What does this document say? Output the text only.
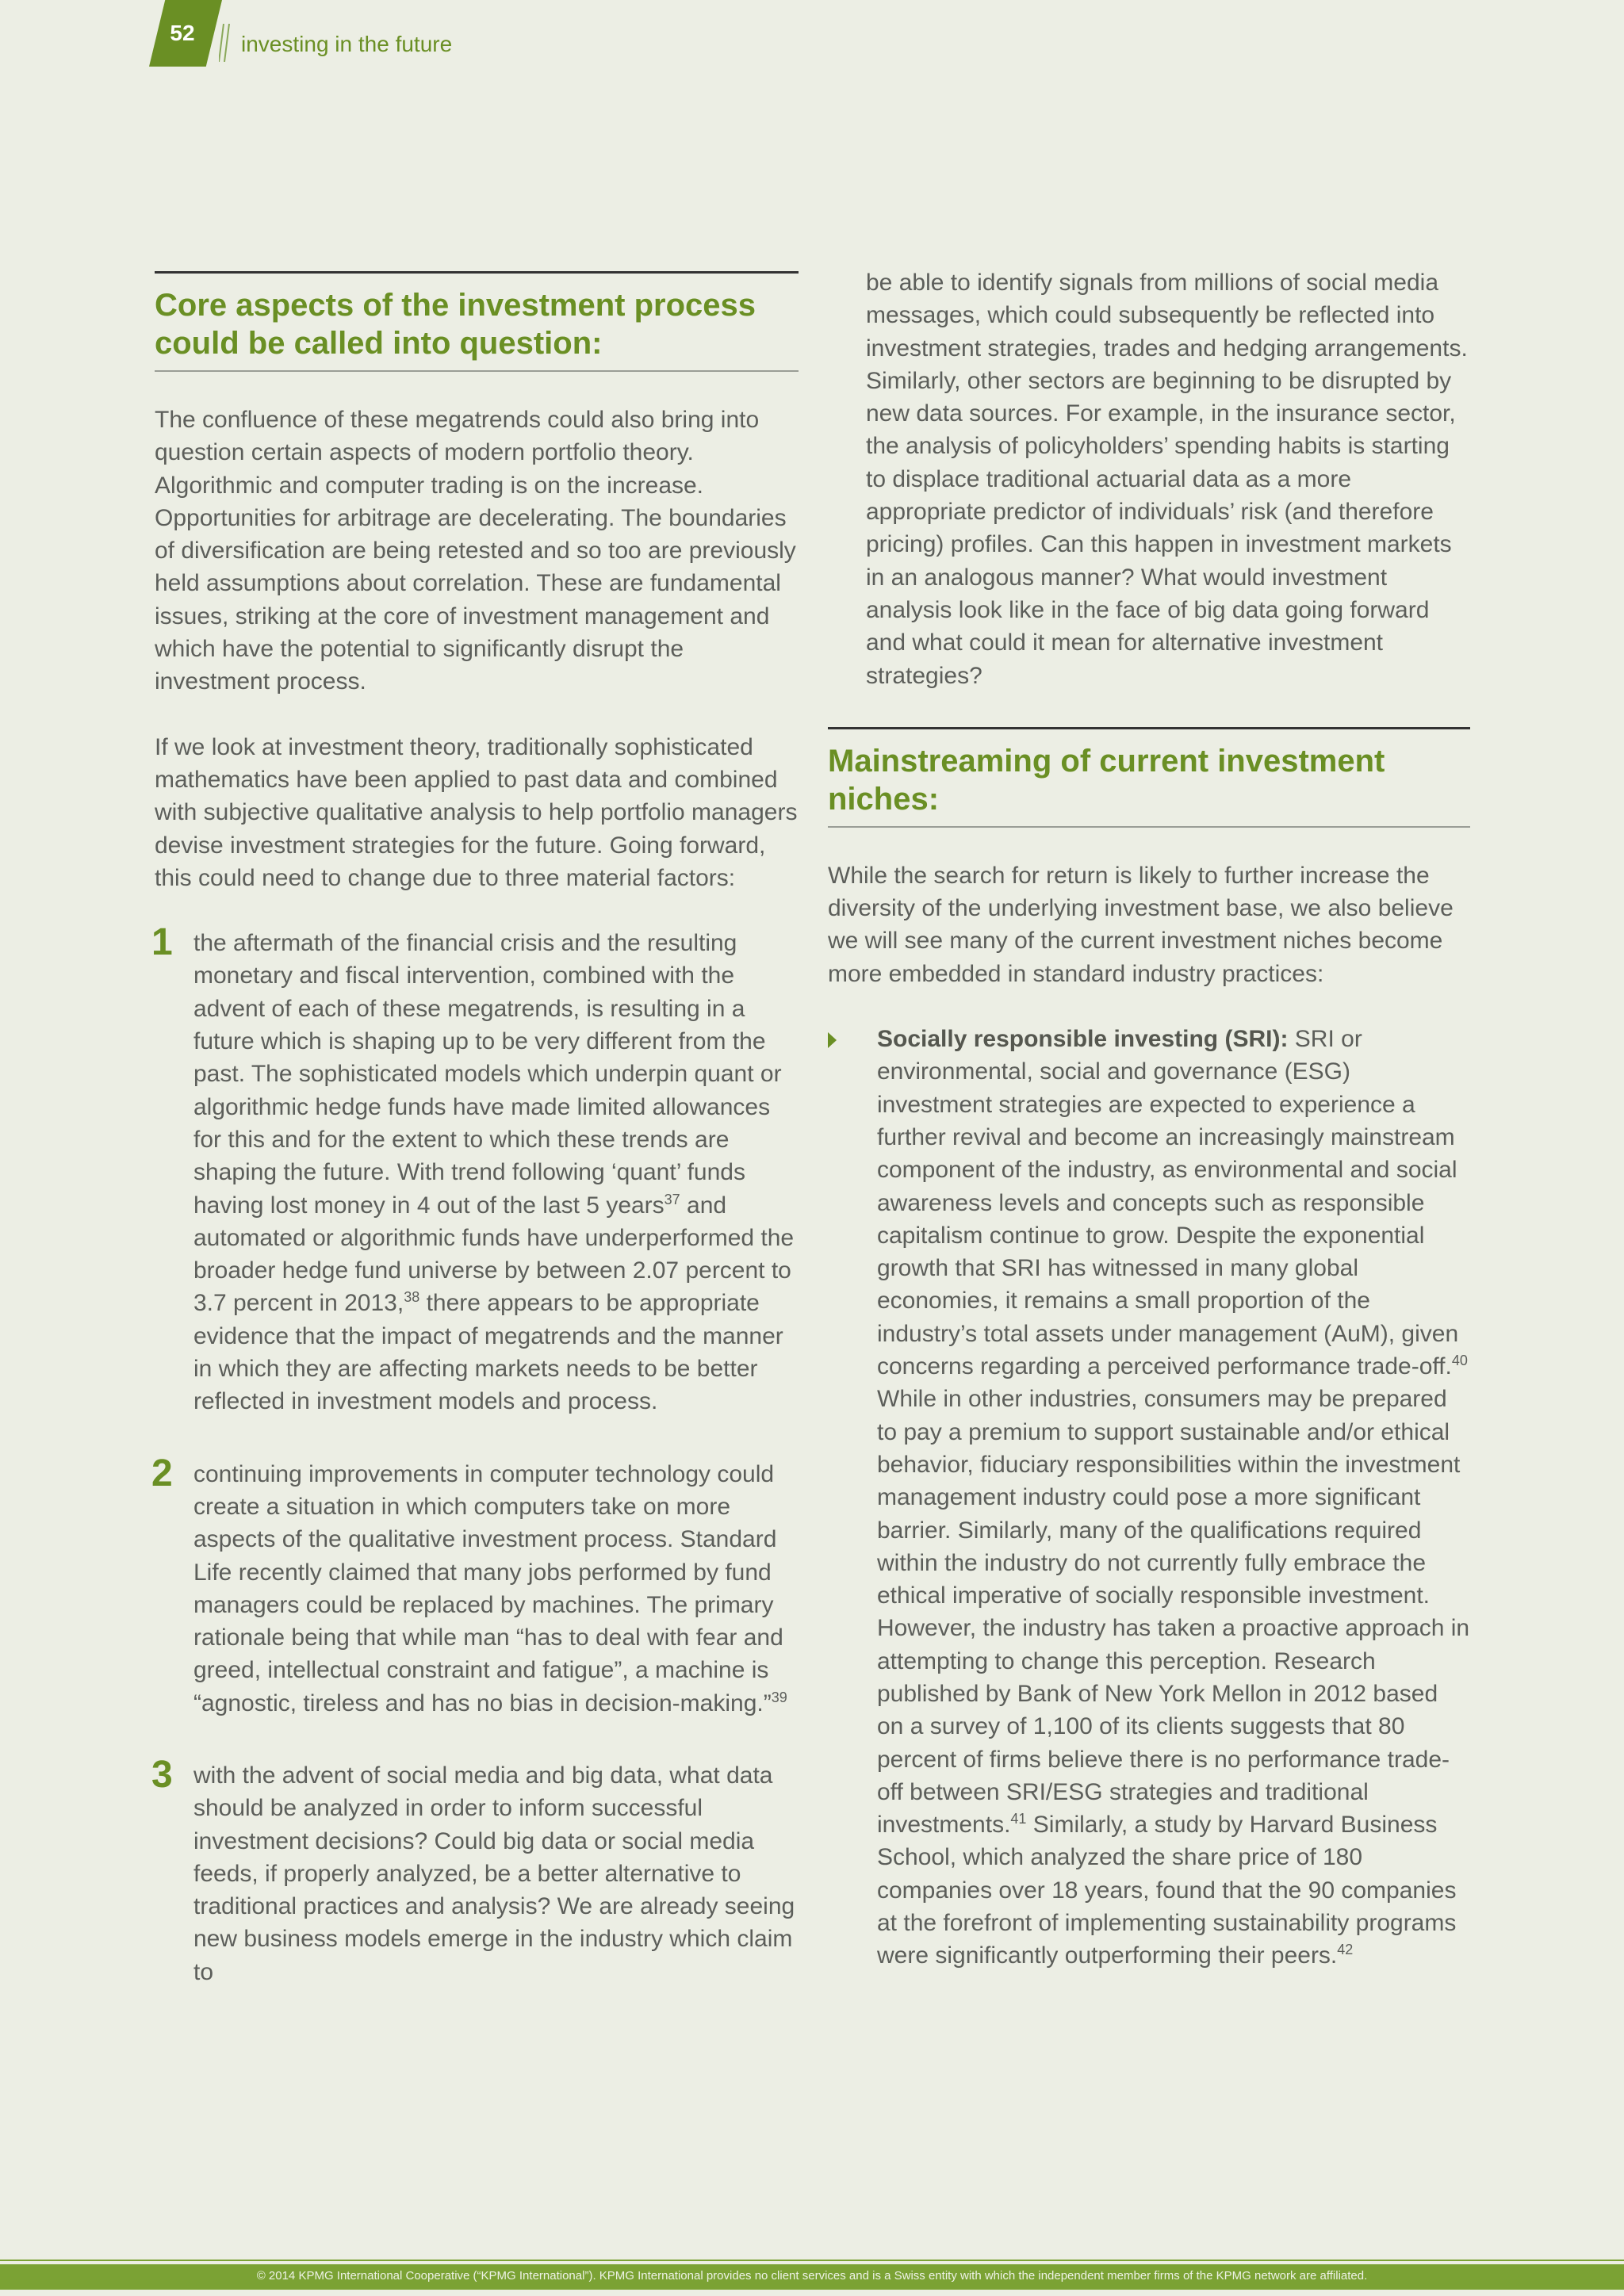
52	investing in the future
Core aspects of the investment process could be called into question:

The confluence of these megatrends could also bring into question certain aspects of modern portfolio theory. Algorithmic and computer trading is on the increase. Opportunities for arbitrage are decelerating. The boundaries of diversification are being retested and so too are previously held assumptions about correlation. These are fundamental issues, striking at the core of investment management and which have the potential to significantly disrupt the investment process.

If we look at investment theory, traditionally sophisticated mathematics have been applied to past data and combined with subjective qualitative analysis to help portfolio managers devise investment strategies for the future. Going forward, this could need to change due to three material factors:

1 the aftermath of the financial crisis and the resulting monetary and fiscal intervention, combined with the advent of each of these megatrends, is resulting in a future which is shaping up to be very different from the past. The sophisticated models which underpin quant or algorithmic hedge funds have made limited allowances for this and for the extent to which these trends are shaping the future. With trend following ‘quant’ funds having lost money in 4 out of the last 5 years$^{37}$ and automated or algorithmic funds have underperformed the broader hedge fund universe by between 2.07 percent to 3.7 percent in 2013,38 there appears to be appropriate evidence that the impact of megatrends and the manner in which they are affecting markets needs to be better reflected in investment models and process.

2 continuing improvements in computer technology could create a situation in which computers take on more aspects of the qualitative investment process. Standard Life recently claimed that many jobs performed by fund managers could be replaced by machines. The primary rationale being that while man “has to deal with fear and greed, intellectual constraint and fatigue”, a machine is “agnostic, tireless and has no bias in decision-making.”$^{39}$

3 with the advent of social media and big data, what data should be analyzed in order to inform successful investment decisions? Could big data or social media feeds, if properly analyzed, be a better alternative to traditional practices and analysis? We are already seeing new business models emerge in the industry which claim to

be able to identify signals from millions of social media messages, which could subsequently be reflected into investment strategies, trades and hedging arrangements. Similarly, other sectors are beginning to be disrupted by new data sources. For example, in the insurance sector, the analysis of policyholders’ spending habits is starting to displace traditional actuarial data as a more appropriate predictor of individuals’ risk (and therefore pricing) profiles. Can this happen in investment markets in an analogous manner? What would investment analysis look like in the face of big data going forward and what could it mean for alternative investment strategies?

Mainstreaming of current investment niches:

While the search for return is likely to further increase the diversity of the underlying investment base, we also believe we will see many of the current investment niches become more embedded in standard industry practices:

Socially responsible investing (SRI): SRI or environmental, social and governance (ESG) investment strategies are expected to experience a further revival and become an increasingly mainstream component of the industry, as environmental and social awareness levels and concepts such as responsible capitalism continue to grow. Despite the exponential growth that SRI has witnessed in many global economies, it remains a small proportion of the industry’s total assets under management (AuM), given concerns regarding a perceived performance trade-off.$^{40}$ While in other industries, consumers may be prepared to pay a premium to support sustainable and/or ethical behavior, fiduciary responsibilities within the investment management industry could pose a more significant barrier. Similarly, many of the qualifications required within the industry do not currently fully embrace the ethical imperative of socially responsible investment. However, the industry has taken a proactive approach in attempting to change this perception. Research published by Bank of New York Mellon in 2012 based on a survey of 1,100 of its clients suggests that 80 percent of firms believe there is no performance trade-off between SRI/ESG strategies and traditional investments.$^{41}$ Similarly, a study by Harvard Business School, which analyzed the share price of 180 companies over 18 years, found that the 90 companies at the forefront of implementing sustainability programs were significantly outperforming their peers.$^{42}$

© 2014 KPMG International Cooperative (“KPMG International”). KPMG International provides no client services and is a Swiss entity with which the independent member firms of the KPMG network are affiliated.
